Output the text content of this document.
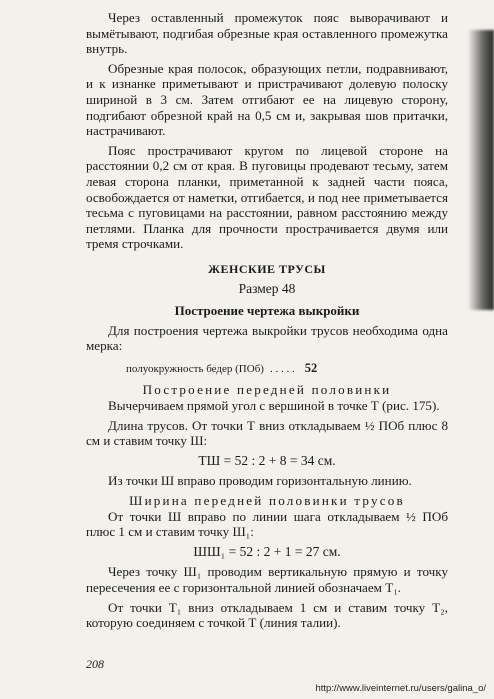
Через оставленный промежуток пояс выворачивают и вымётывают, подгибая обрезные края оставленного промежутка внутрь.

Обрезные края полосок, образующих петли, подравнивают, и к изнанке приметывают и пристрачивают долевую полоску шириной в 3 см. Затем отгибают ее на лицевую сторону, подгибают обрезной край на 0,5 см и, закрывая шов притачки, настрачивают.

Пояс прострачивают кругом по лицевой стороне на расстоянии 0,2 см от края. В пуговицы продевают тесьму, затем левая сторона планки, приметанной к задней части пояса, освобождается от наметки, отгибается, и под нее приметывается тесьма с пуговицами на расстоянии, равном расстоянию между петлями. Планка для прочности прострачивается двумя или тремя строчками.

ЖЕНСКИЕ ТРУСЫ
Размер 48
Построение чертежа выкройки

Для построения чертежа выкройки трусов необходима одна мерка:

полуокружность бедер (ПОб) . . . . . 52
Построение передней половинки

Вычерчиваем прямой угол с вершиной в точке Т (рис. 175).

Длина трусов. От точки Т вниз откладываем ½ ПОб плюс 8 см и ставим точку Ш:

ТШ = 52 : 2 + 8 = 34 см.

Из точки Ш вправо проводим горизонтальную линию.

Ширина передней половинки трусов

От точки Ш вправо по линии шага откладываем ½ ПОб плюс 1 см и ставим точку Ш₁:

ШШ₁ = 52 : 2 + 1 = 27 см.

Через точку Ш₁ проводим вертикальную прямую и точку пересечения ее с горизонтальной линией обозначаем Т₁.

От точки Т₁ вниз откладываем 1 см и ставим точку Т₂, которую соединяем с точкой Т (линия талии).

208
http://www.liveinternet.ru/users/galina_o/
